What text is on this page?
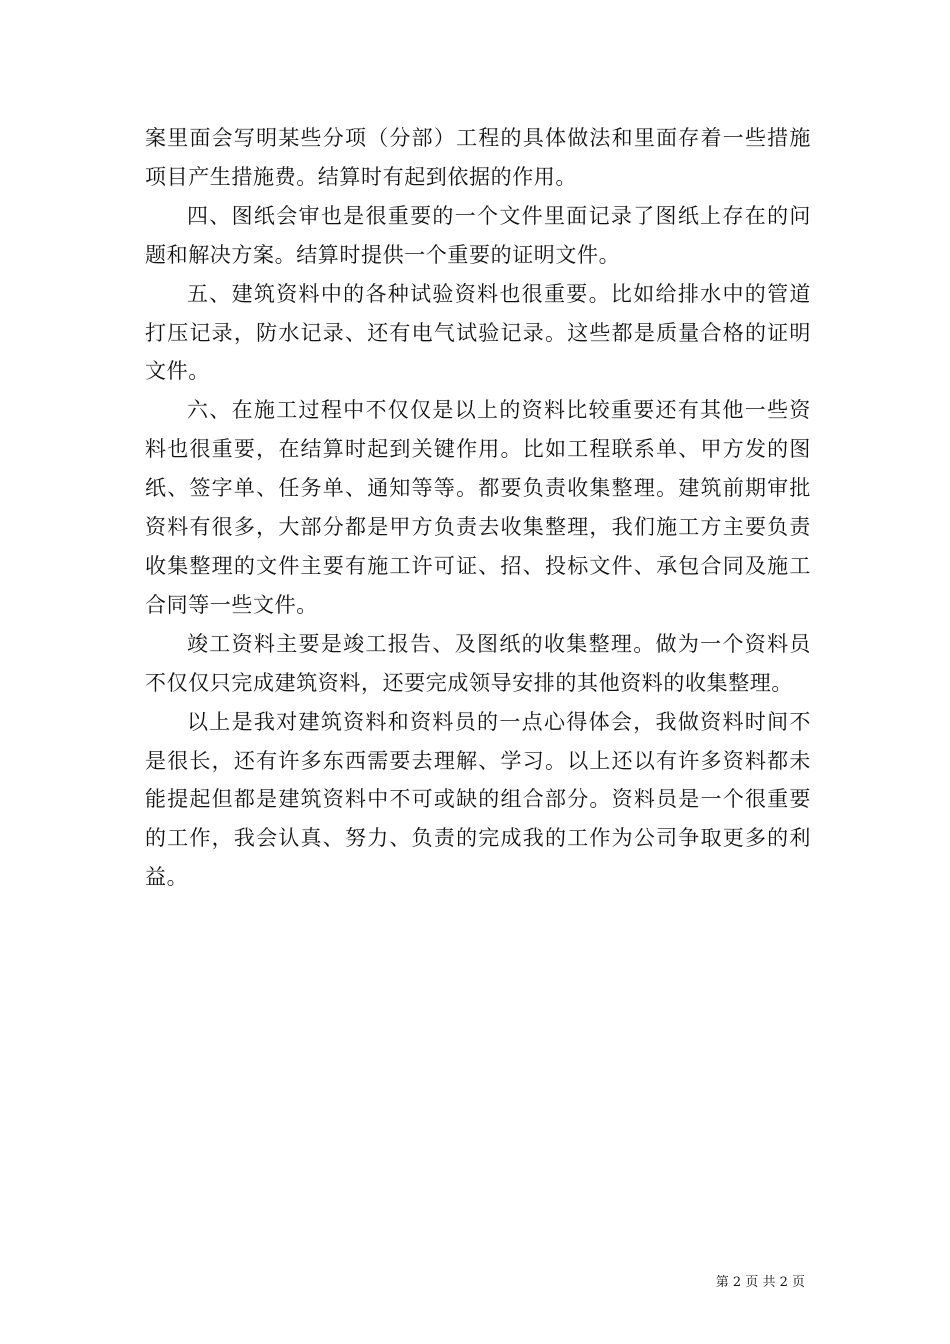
案里面会写明某些分项（分部）工程的具体做法和里面存着一些措施项目产生措施费。结算时有起到依据的作用。

四、图纸会审也是很重要的一个文件里面记录了图纸上存在的问题和解决方案。结算时提供一个重要的证明文件。

五、建筑资料中的各种试验资料也很重要。比如给排水中的管道打压记录，防水记录、还有电气试验记录。这些都是质量合格的证明文件。

六、在施工过程中不仅仅是以上的资料比较重要还有其他一些资料也很重要，在结算时起到关键作用。比如工程联系单、甲方发的图纸、签字单、任务单、通知等等。都要负责收集整理。建筑前期审批资料有很多，大部分都是甲方负责去收集整理，我们施工方主要负责收集整理的文件主要有施工许可证、招、投标文件、承包合同及施工合同等一些文件。

竣工资料主要是竣工报告、及图纸的收集整理。做为一个资料员不仅仅只完成建筑资料，还要完成领导安排的其他资料的收集整理。

以上是我对建筑资料和资料员的一点心得体会，我做资料时间不是很长，还有许多东西需要去理解、学习。以上还以有许多资料都未能提起但都是建筑资料中不可或缺的组合部分。资料员是一个很重要的工作，我会认真、努力、负责的完成我的工作为公司争取更多的利益。

第 2 页 共 2 页
